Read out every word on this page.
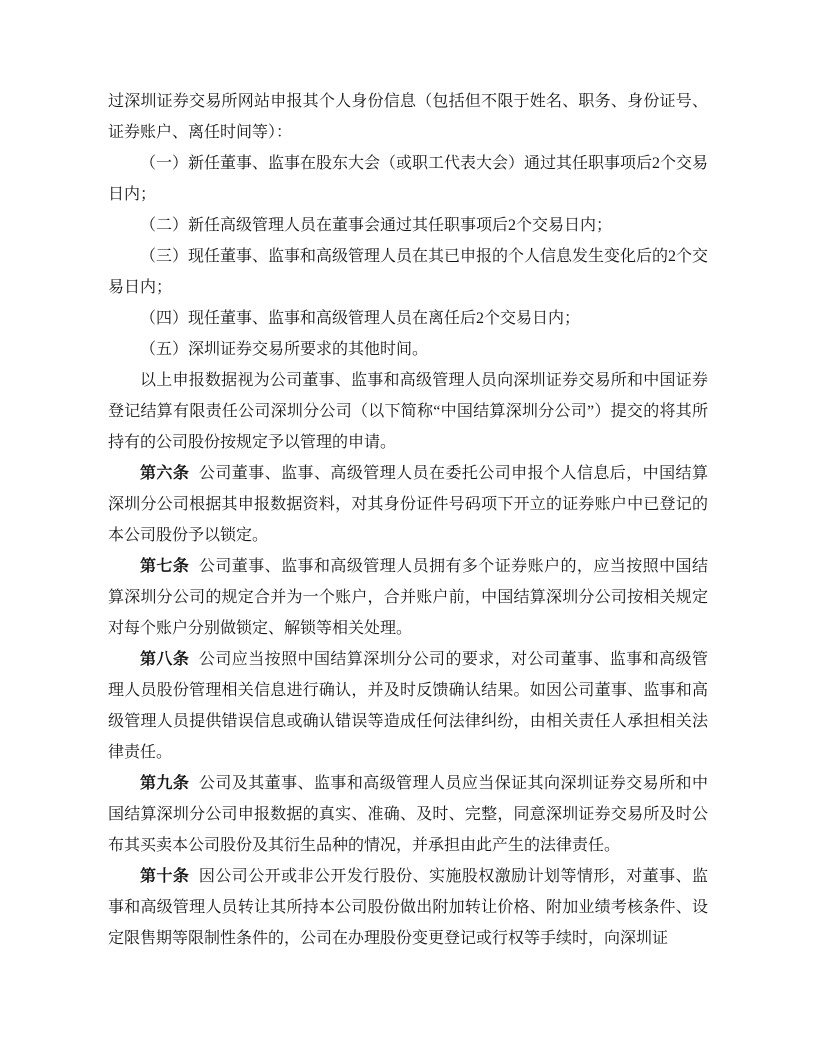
过深圳证券交易所网站申报其个人身份信息（包括但不限于姓名、职务、身份证号、证券账户、离任时间等）：

（一）新任董事、监事在股东大会（或职工代表大会）通过其任职事项后2个交易日内；

（二）新任高级管理人员在董事会通过其任职事项后2个交易日内；

（三）现任董事、监事和高级管理人员在其已申报的个人信息发生变化后的2个交易日内；

（四）现任董事、监事和高级管理人员在离任后2个交易日内；

（五）深圳证券交易所要求的其他时间。

以上申报数据视为公司董事、监事和高级管理人员向深圳证券交易所和中国证券登记结算有限责任公司深圳分公司（以下简称“中国结算深圳分公司”）提交的将其所持有的公司股份按规定予以管理的申请。

第六条 公司董事、监事、高级管理人员在委托公司申报个人信息后，中国结算深圳分公司根据其申报数据资料，对其身份证件号码项下开立的证券账户中已登记的本公司股份予以锁定。

第七条 公司董事、监事和高级管理人员拥有多个证券账户的，应当按照中国结算深圳分公司的规定合并为一个账户，合并账户前，中国结算深圳分公司按相关规定对每个账户分别做锁定、解锁等相关处理。

第八条 公司应当按照中国结算深圳分公司的要求，对公司董事、监事和高级管理人员股份管理相关信息进行确认，并及时反馈确认结果。如因公司董事、监事和高级管理人员提供错误信息或确认错误等造成任何法律纠纷，由相关责任人承担相关法律责任。

第九条 公司及其董事、监事和高级管理人员应当保证其向深圳证券交易所和中国结算深圳分公司申报数据的真实、准确、及时、完整，同意深圳证券交易所及时公布其买卖本公司股份及其衍生品种的情况，并承担由此产生的法律责任。

第十条 因公司公开或非公开发行股份、实施股权激励计划等情形，对董事、监事和高级管理人员转让其所持本公司股份做出附加转让价格、附加业绩考核条件、设定限售期等限制性条件的，公司在办理股份变更登记或行权等手续时，向深圳证
